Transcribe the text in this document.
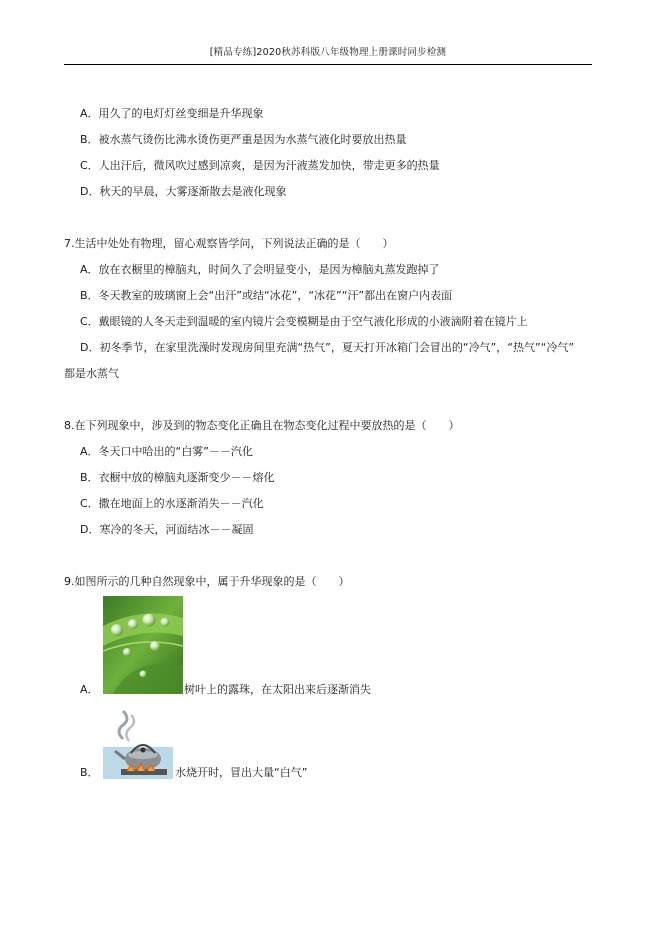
[精品专练]2020秋苏科版八年级物理上册课时同步检测
A．用久了的电灯灯丝变细是升华现象
B．被水蒸气烫伤比沸水烫伤更严重是因为水蒸气液化时要放出热量
C．人出汗后，微风吹过感到凉爽，是因为汗液蒸发加快，带走更多的热量
D．秋天的早晨，大雾逐渐散去是液化现象
7.生活中处处有物理，留心观察皆学问，下列说法正确的是（　　）
A．放在衣橱里的樟脑丸，时间久了会明显变小，是因为樟脑丸蒸发跑掉了
B．冬天教室的玻璃窗上会“出汗”或结“冰花”，“冰花”“汗”都出在窗户内表面
C．戴眼镜的人冬天走到温暖的室内镜片会变模糊是由于空气液化形成的小液滴附着在镜片上
D．初冬季节，在家里洗澡时发现房间里充满“热气”，夏天打开冰箱门会冒出的“冷气”，“热气”“冷气”
都是水蒸气
8.在下列现象中，涉及到的物态变化正确且在物态变化过程中要放热的是（　　）
A．冬天口中哈出的“白雾”－－汽化
B．衣橱中放的樟脑丸逐渐变少－－熔化
C．撒在地面上的水逐渐消失－－汽化
D．寒冷的冬天，河面结冰－－凝固
9.如图所示的几种自然现象中，属于升华现象的是（　　）
A．	树叶上的露珠，在太阳出来后逐渐消失
B．	水烧开时，冒出大量“白气”
